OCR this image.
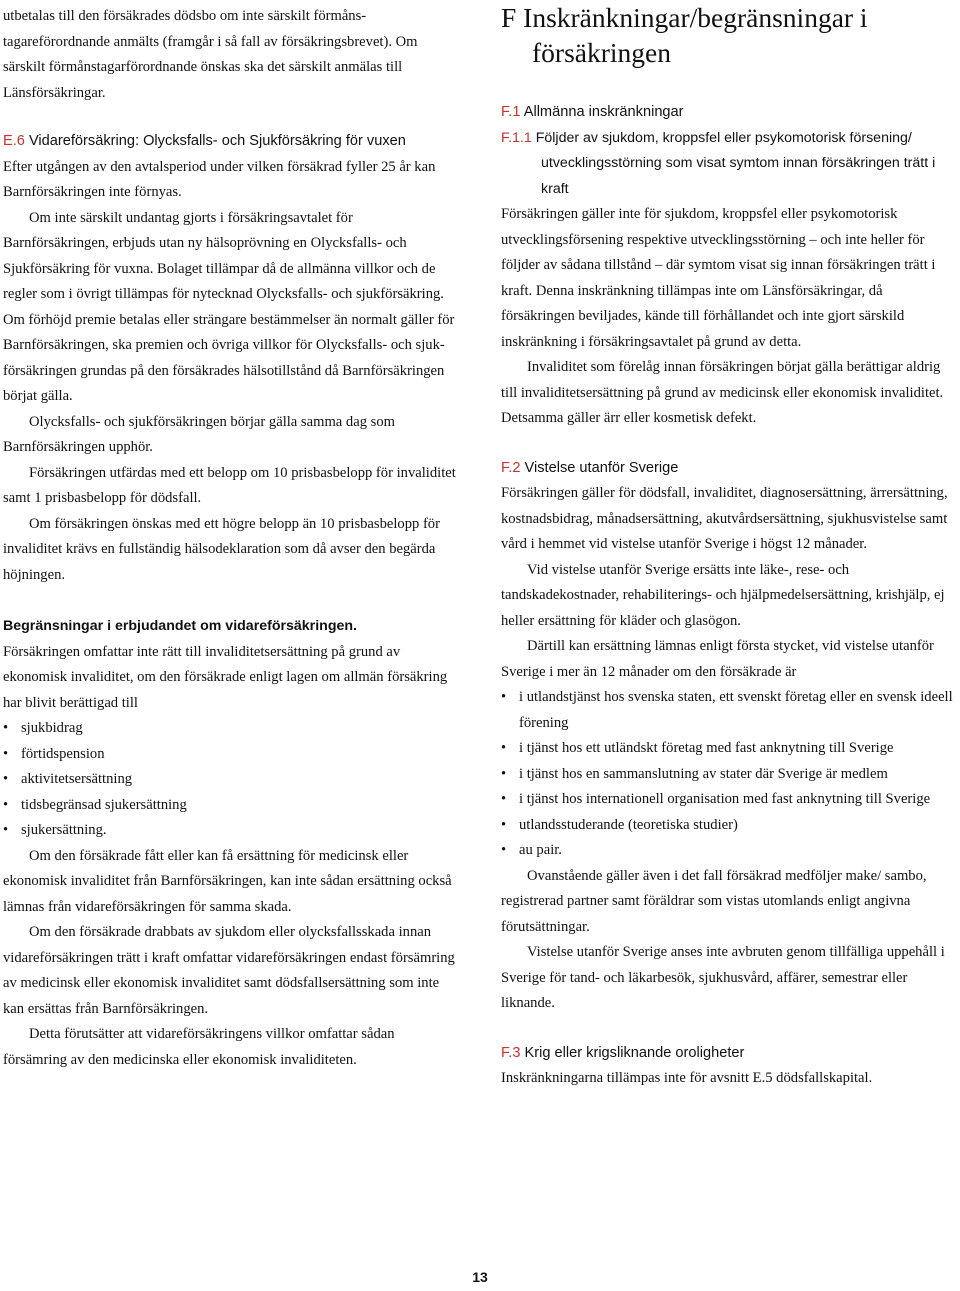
utbetalas till den försäkrades dödsbo om inte särskilt förmånstagareförordnande anmälts (framgår i så fall av försäkringsbrevet). Om särskilt förmånstagarförordnande önskas ska det särskilt anmälas till Länsförsäkringar.

E.6 Vidareförsäkring: Olycksfalls- och Sjukförsäkring för vuxen

Efter utgången av den avtalsperiod under vilken försäkrad fyller 25 år kan Barnförsäkringen inte förnyas.

Om inte särskilt undantag gjorts i försäkringsavtalet för Barnförsäkringen, erbjuds utan ny hälsoprövning en Olycksfalls- och Sjukförsäkring för vuxna. Bolaget tillämpar då de allmänna villkor och de regler som i övrigt tillämpas för nytecknad Olycksfalls- och sjukförsäkring. Om förhöjd premie betalas eller strängare bestämmelser än normalt gäller för Barnförsäkringen, ska premien och övriga villkor för Olycksfalls- och sjukförsäkringen grundas på den försäkrades hälsotillstånd då Barnförsäkringen börjat gälla.

Olycksfalls- och sjukförsäkringen börjar gälla samma dag som Barnförsäkringen upphör.

Försäkringen utfärdas med ett belopp om 10 prisbasbelopp för invaliditet samt 1 prisbasbelopp för dödsfall.

Om försäkringen önskas med ett högre belopp än 10 prisbasbelopp för invaliditet krävs en fullständig hälsodeklaration som då avser den begärda höjningen.

Begränsningar i erbjudandet om vidareförsäkringen.

Försäkringen omfattar inte rätt till invaliditetsersättning på grund av ekonomisk invaliditet, om den försäkrade enligt lagen om allmän försäkring har blivit berättigad till

• sjukbidrag
• förtidspension
• aktivitetsersättning
• tidsbegränsad sjukersättning
• sjukersättning.

Om den försäkrade fått eller kan få ersättning för medicinsk eller ekonomisk invaliditet från Barnförsäkringen, kan inte sådan ersättning också lämnas från vidareförsäkringen för samma skada.

Om den försäkrade drabbats av sjukdom eller olycksfallsskada innan vidareförsäkringen trätt i kraft omfattar vidareförsäkringen endast försämring av medicinsk eller ekonomisk invaliditet samt dödsfallsersättning som inte kan ersättas från Barnförsäkringen.

Detta förutsätter att vidareförsäkringens villkor omfattar sådan försämring av den medicinska eller ekonomisk invaliditeten.

F Inskränkningar/begränsningar i försäkringen
F.1 Allmänna inskränkningar
F.1.1 Följder av sjukdom, kroppsfel eller psykomotorisk försening/ utvecklingsstörning som visat symtom innan försäkringen trätt i kraft

Försäkringen gäller inte för sjukdom, kroppsfel eller psykomotorisk utvecklingsförsening respektive utvecklingsstörning – och inte heller för följder av sådana tillstånd – där symtom visat sig innan försäkringen trätt i kraft. Denna inskränkning tillämpas inte om Länsförsäkringar, då försäkringen beviljades, kände till förhållandet och inte gjort särskild inskränkning i försäkringsavtalet på grund av detta.

Invaliditet som förelåg innan försäkringen börjat gälla berättigar aldrig till invaliditetsersättning på grund av medicinsk eller ekonomisk invaliditet. Detsamma gäller ärr eller kosmetisk defekt.

F.2 Vistelse utanför Sverige

Försäkringen gäller för dödsfall, invaliditet, diagnosersättning, ärrersättning, kostnadsbidrag, månadsersättning, akutvårdsersättning, sjukhusvistelse samt vård i hemmet vid vistelse utanför Sverige i högst 12 månader.

Vid vistelse utanför Sverige ersätts inte läke-, rese- och tandskadekostnader, rehabiliterings- och hjälpmedelsersättning, krishjälp, ej heller ersättning för kläder och glasögon.

Därtill kan ersättning lämnas enligt första stycket, vid vistelse utanför Sverige i mer än 12 månader om den försäkrade är

• i utlandstjänst hos svenska staten, ett svenskt företag eller en svensk ideell förening
• i tjänst hos ett utländskt företag med fast anknytning till Sverige
• i tjänst hos en sammanslutning av stater där Sverige är medlem
• i tjänst hos internationell organisation med fast anknytning till Sverige
• utlandsstuderande (teoretiska studier)
• au pair.

Ovanstående gäller även i det fall försäkrad medföljer make/ sambo, registrerad partner samt föräldrar som vistas utomlands enligt angivna förutsättningar.

Vistelse utanför Sverige anses inte avbruten genom tillfälliga uppehåll i Sverige för tand- och läkarbesök, sjukhusvård, affärer, semestrar eller liknande.

F.3 Krig eller krigsliknande oroligheter

Inskränkningarna tillämpas inte för avsnitt E.5 dödsfallskapital.

13
